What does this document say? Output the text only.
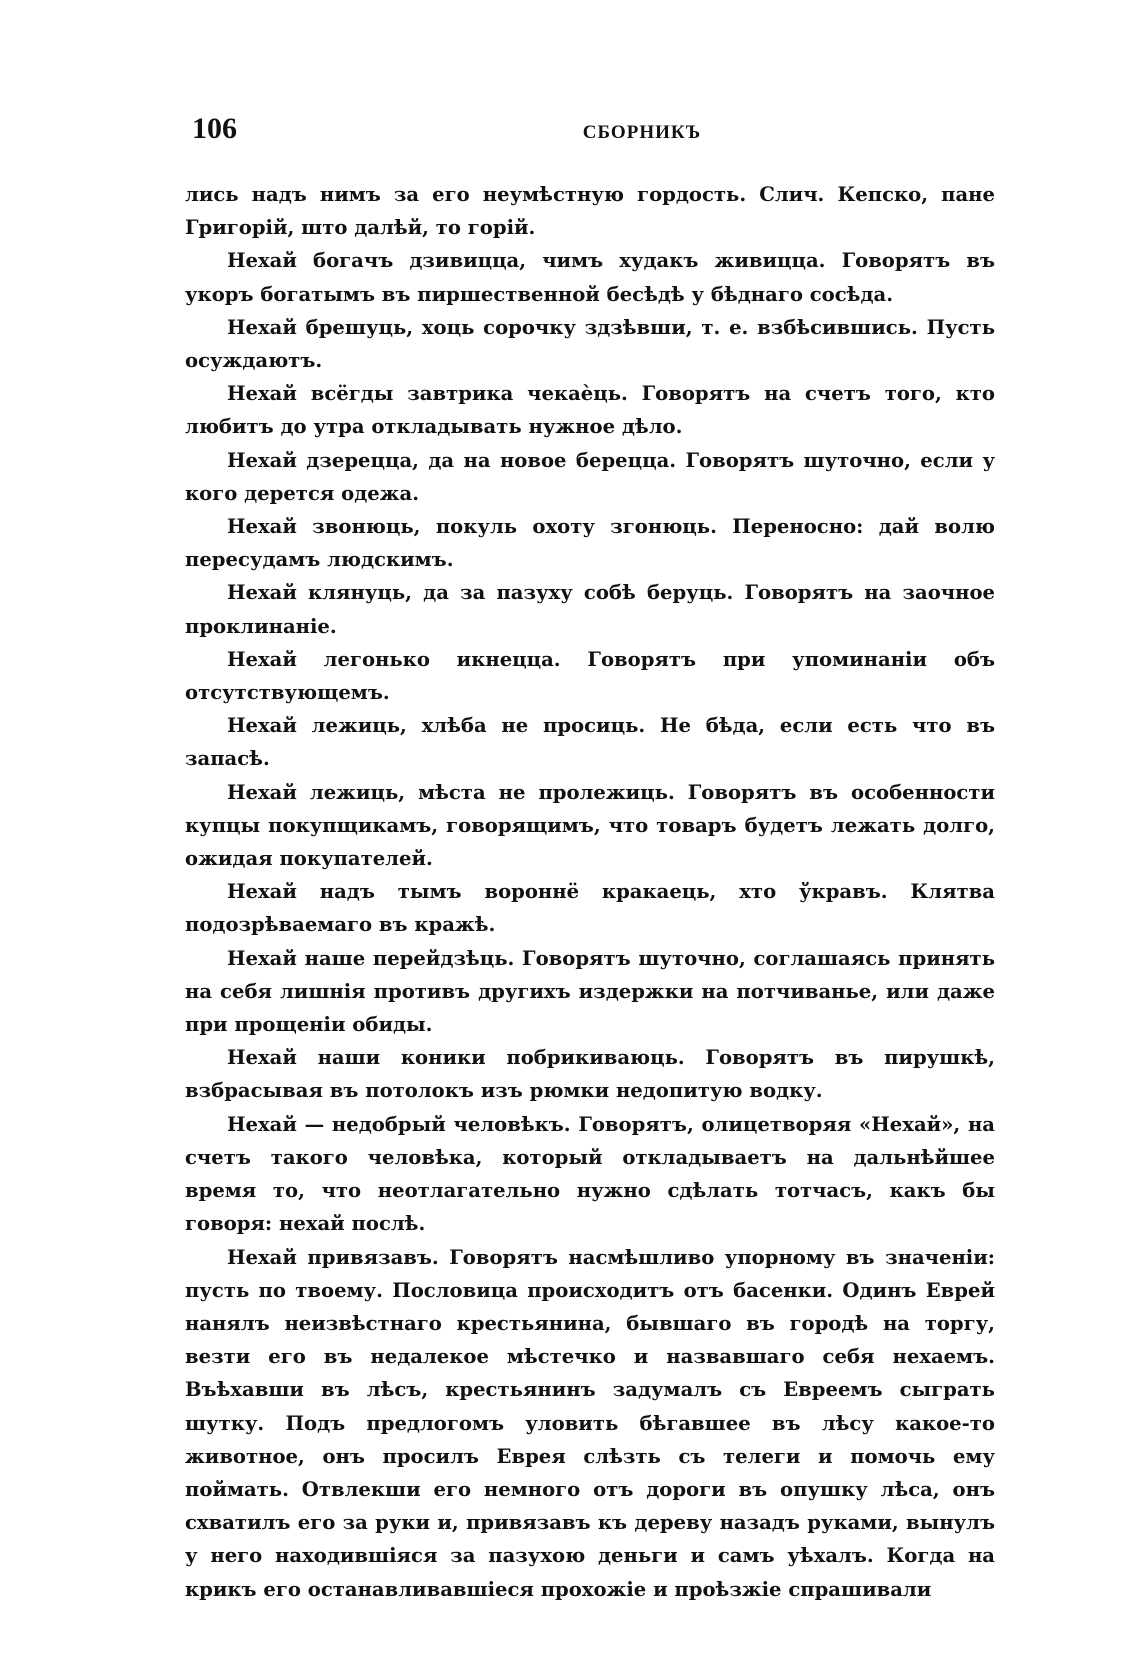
106	СБОРНИКЪ

лись надъ нимъ за его неумѣстную гордость. Слич. Кепско, пане Григорій, што далѣй, то горій.

Нехай богачъ дзивицца, чимъ худакъ живицца. Говорятъ въ укоръ богатымъ въ пиршественной бесѣдѣ у бѣднаго сосѣда.

Нехай брешуць, хоць сорочку здзѣвши, т. е. взбѣсившись. Пусть осуждаютъ.

Нехай всёгды завтрика чекаѐць. Говорятъ на счетъ того, кто любитъ до утра откладывать нужное дѣло.

Нехай дзерецца, да на новое берецца. Говорятъ шуточно, если у кого дерется одежа.

Нехай звонюць, покуль охоту згонюць. Переносно: дай волю пересудамъ людскимъ.

Нехай клянуць, да за пазуху собѣ беруць. Говорятъ на заочное проклинаніе.

Нехай легонько икнецца. Говорятъ при упоминаніи объ отсутствующемъ.

Нехай лежиць, хлѣба не просиць. Не бѣда, если есть что въ запасѣ.

Нехай лежиць, мѣста не пролежиць. Говорятъ въ особенности купцы покупщикамъ, говорящимъ, что товаръ будетъ лежать долго, ожидая покупателей.

Нехай надъ тымъ вороннё кракаець, хто ўкравъ. Клятва подозрѣваемаго въ кражѣ.

Нехай наше перейдзѣць. Говорятъ шуточно, соглашаясь принять на себя лишнія противъ другихъ издержки на потчиванье, или даже при прощеніи обиды.

Нехай наши коники побрикиваюць. Говорятъ въ пирушкѣ, взбрасывая въ потолокъ изъ рюмки недопитую водку.

Нехай — недобрый человѣкъ. Говорятъ, олицетворяя «Нехай», на счетъ такого человѣка, который откладываетъ на дальнѣйшее время то, что неотлагательно нужно сдѣлать тотчасъ, какъ бы говоря: нехай послѣ.

Нехай привязавъ. Говорятъ насмѣшливо упорному въ значеніи: пусть по твоему. Пословица происходитъ отъ басенки. Одинъ Еврей нанялъ неизвѣстнаго крестьянина, бывшаго въ городѣ на торгу, везти его въ недалекое мѣстечко и назвавшаго себя нехаемъ. Въѣхавши въ лѣсъ, крестьянинъ задумалъ съ Евреемъ сыграть шутку. Подъ предлогомъ уловить бѣгавшее въ лѣсу какое-то животное, онъ просилъ Еврея слѣзть съ телеги и помочь ему поймать. Отвлекши его немного отъ дороги въ опушку лѣса, онъ схватилъ его за руки и, привязавъ къ дереву назадъ руками, вынулъ у него находившіяся за пазухою деньги и самъ уѣхалъ. Когда на крикъ его останавливавшіеся прохожіе и проѣзжіе спрашивали
